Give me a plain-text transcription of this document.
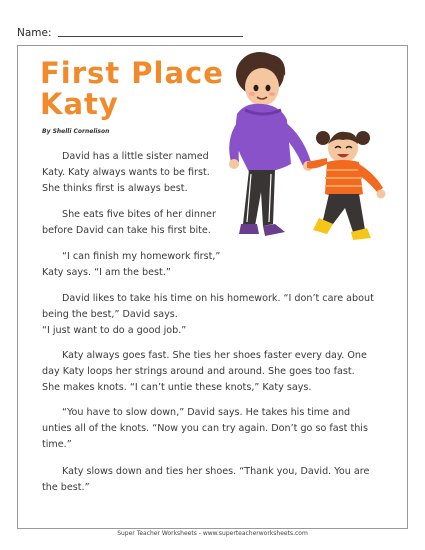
Name:
First Place
Katy
By Shelli Cornelison
David has a little sister named
Katy. Katy always wants to be first.
She thinks first is always best.
She eats five bites of her dinner
before David can take his first bite.
“I can finish my homework first,”
Katy says. “I am the best.”
David likes to take his time on his homework. “I don’t care about
being the best,” David says.
“I just want to do a good job.”
Katy always goes fast. She ties her shoes faster every day. One
day Katy loops her strings around and around. She goes too fast.
She makes knots. “I can’t untie these knots,” Katy says.
“You have to slow down,” David says. He takes his time and
unties all of the knots. “Now you can try again. Don’t go so fast this
time.”
Katy slows down and ties her shoes. “Thank you, David. You are
the best.”
Super Teacher Worksheets - www.superteacherworksheets.com
